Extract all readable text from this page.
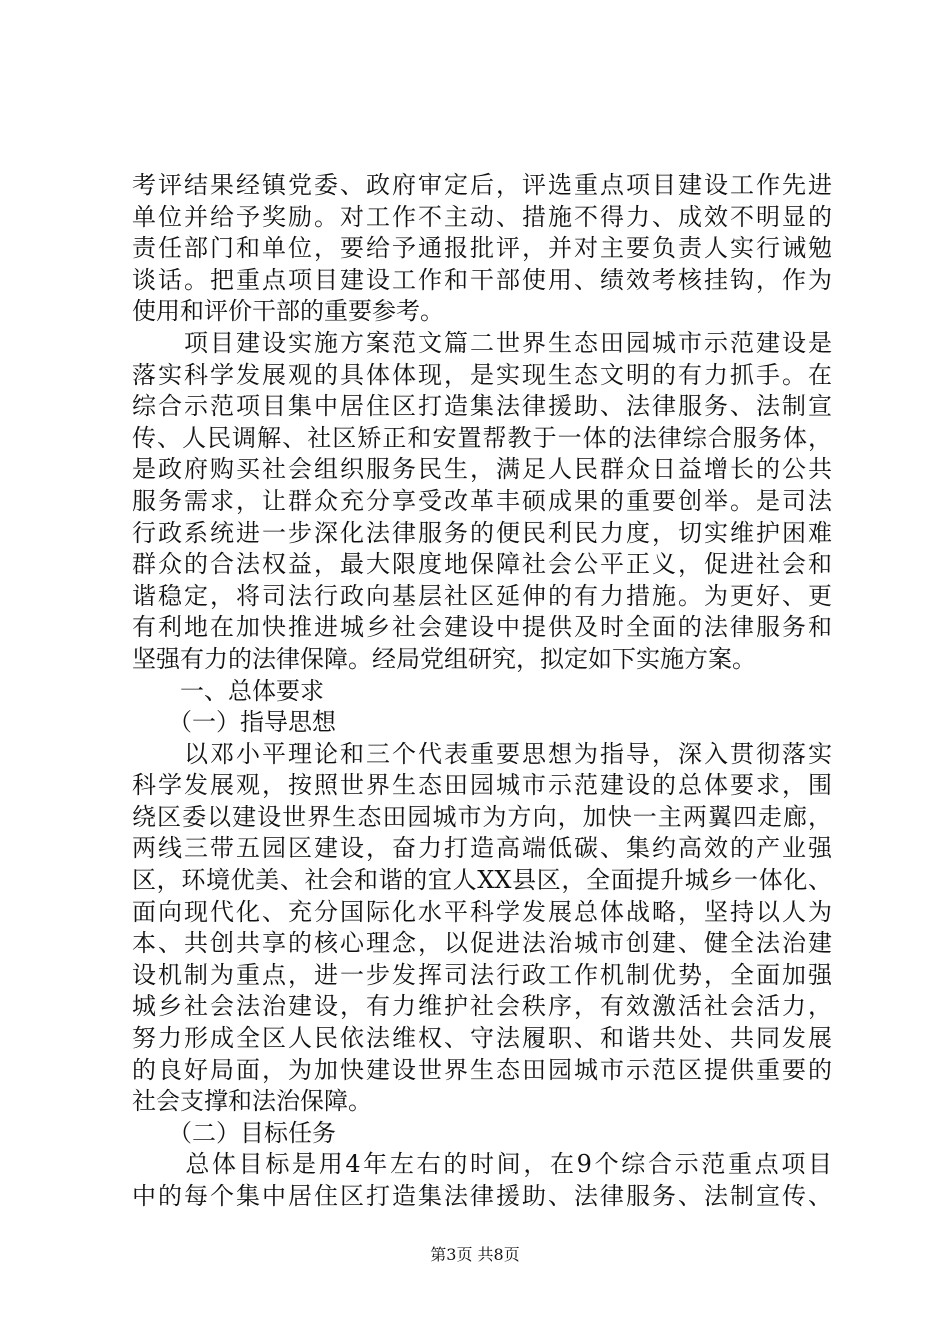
考评结果经镇党委、政府审定后，评选重点项目建设工作先进
单位并给予奖励。对工作不主动、措施不得力、成效不明显的
责任部门和单位，要给予通报批评，并对主要负责人实行诫勉
谈话。把重点项目建设工作和干部使用、绩效考核挂钩，作为
使用和评价干部的重要参考。
　　项目建设实施方案范文篇二世界生态田园城市示范建设是
落实科学发展观的具体体现，是实现生态文明的有力抓手。在
综合示范项目集中居住区打造集法律援助、法律服务、法制宣
传、人民调解、社区矫正和安置帮教于一体的法律综合服务体，
是政府购买社会组织服务民生，满足人民群众日益增长的公共
服务需求，让群众充分享受改革丰硕成果的重要创举。是司法
行政系统进一步深化法律服务的便民利民力度，切实维护困难
群众的合法权益，最大限度地保障社会公平正义，促进社会和
谐稳定，将司法行政向基层社区延伸的有力措施。为更好、更
有利地在加快推进城乡社会建设中提供及时全面的法律服务和
坚强有力的法律保障。经局党组研究，拟定如下实施方案。
　　一、总体要求
　　（一）指导思想
　　以邓小平理论和三个代表重要思想为指导，深入贯彻落实
科学发展观，按照世界生态田园城市示范建设的总体要求，围
绕区委以建设世界生态田园城市为方向，加快一主两翼四走廊，
两线三带五园区建设，奋力打造高端低碳、集约高效的产业强
区，环境优美、社会和谐的宜人XX县区，全面提升城乡一体化、
面向现代化、充分国际化水平科学发展总体战略，坚持以人为
本、共创共享的核心理念，以促进法治城市创建、健全法治建
设机制为重点，进一步发挥司法行政工作机制优势，全面加强
城乡社会法治建设，有力维护社会秩序，有效激活社会活力，
努力形成全区人民依法维权、守法履职、和谐共处、共同发展
的良好局面，为加快建设世界生态田园城市示范区提供重要的
社会支撑和法治保障。
　　（二）目标任务
　　总体目标是用4年左右的时间，在9个综合示范重点项目
中的每个集中居住区打造集法律援助、法律服务、法制宣传、
第3页 共8页
